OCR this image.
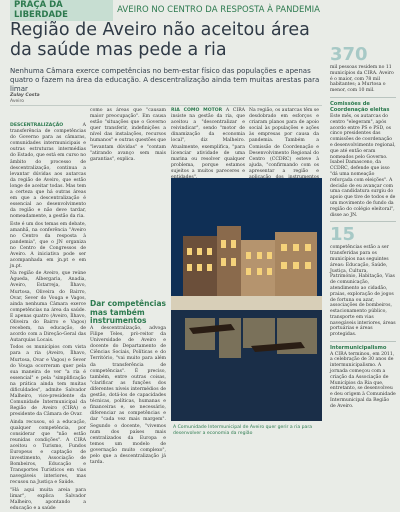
PRAÇA DA LIBERDADE	AVEIRO NO CENTRO DA RESPOSTA À PANDEMIA
Região de Aveiro não aceitou área da saúde mas pede a ria
Nenhuma Câmara exerce competências no bem-estar físico das populações e apenas quatro o fazem na área da educação. A descentralização ainda tem muitas arestas para limar
Zulay Costa
Aveiro

DESCENTRALIZAÇÃO	A transferência de competências do Governo para as câmaras, comunidades intermunicipais e outras estruturas intermédias do Estado, que está em curso no âmbito do processo de descentralização, continua a levantar dúvidas aos autarcas da região de Aveiro, que estão longe de aceitar todas. Mas tem a certeza que há outras áreas em que a descentralização é essencial ao desenvolvimento da região e não deve tardar, nomeadamente, a gestão da ria.

Este é um dos temas em debate, amanhã, na conferência "Aveiro no Centro da resposta à pandemia", que o JN organiza no Centro de Congressos de Aveiro. A iniciativa pode ser acompanhada em jn.pt e em jn.pt.

Na região de Aveiro, que reúne Águeda, Albergaria, Anadia, Aveiro, Estarreja, Ílhavo, Murtosa, Oliveira do Bairro, Ovar, Sever do Vouga e Vagos, ainda nenhuma Câmara exerce competências na área da saúde. E apenas quatro (Aveiro, Ílhavo, Oliveira do Bairro e Vagos) recebem, na educação, de acordo com a Direção-Geral das Autarquias Locais.

Todos os municípios com vista para a ria (Aveiro, Ílhavo, Murtosa, Ovar e Vagos) e Sever do Vouga ocorreram quer pela sua maneira de ver "a ria é essencial" e pela "simplificação na prática ainda tem muitas dificuldades", admite Salvador Malheiro, vice-presidente da Comunidade Intermunicipal da Região de Aveiro (CIRA) e presidente da Câmara de Ovar.

Ainda recusou, só a educação, qualquer competência, por considerar que "não estão reunidas condições". A CIRA aceitou o Turismo, Fundos Europeus e captação de investimento, Associação de Bombeiros, Educação e Transportes Turísticos em vias navegáveis interiores, mas recusou na Justiça e Saúde.

"Há aqui muita areia para limar", explica Salvador Malheiro, apontando a educação e a saúde

como as áreas que "causam maior preocupação". Em causa estão "situações que o Governo quer transferir, indefinições a nível das instalações, recursos humanos" e outras questões que "levantam dúvidas" e "contam "atirando avanço sem mais garantias", explica.

RIA COMO MOTOR A CIRA insiste na gestão da ria, que aceitou a "descentralizar e reivindicar", sendo "motor de dinamização da economia local", diz Malheiro. Atualmente, exemplifica, "para licenciar atividade de uma marina ou resolver qualquer problema, porque estamos sujeitos a muitos pareceres e

Na região, os autarcas têm se desdobrado em esforços e criaram planos para de apoio social às populações e ações às empresas por causa da pandemia. Também a Comissão de Coordenação e Desenvolvimento Regional do Centro (CCDRC) esteve à ajuda, "confirmando com os apresentar a região e

A Comunidade Intermunicipal de Aveiro quer gerir a ria para desenvolver a economia da região
Dar competências mas também instrumentos

A descentralização, advoga Filipe Teles, prò-reitor da Universidade de Aveiro e docente do Departamento de Ciências Sociais, Políticas e do Território, "vai muito para além da transferência de competências". É preciso, também, entre outras coisas, "clarificar as funções dos diferentes níveis intermédios de gestão, dotá-los de capacidades técnicas, políticas, humanas e financeiras e, se necessário, diferenciar as competências e dar "cada vez mais margem". Segundo o docente, "vivemos num dos países mais centralizados da Europa e temos um modelo de governação muito complexo", pelo que a descentralização já tarda.

370
mil pessoas residem no 11 municípios da CIRA. Aveiro é o maior, com 78 mil habitantes; a Murtosa o menor, com 10 mil.
Comissões de Coordenação eleitas
Este mês, os autarcas do centro "elegeram", após acordo entre PS e PSD, os cinco presidentes das comissões de coordenação e desenvolvimento regional, que até então eram nomeados pelo Governo. Isabel Damasceno, da CCDRC, defende que isso "dá uma nomeação reforçada com eleições". A decisão de eu avançar com uma candidatura surgiu do apoio que tive de todos e de um movimento de fundo da região do colégio eleitoral", disse ao JN.
15
competências estão a ser transferidas para os municípios nas seguintes áreas: Educação, Saúde, Justiça, Cultura, Património, Habitação, Vias de comunicação, atendimento ao cidadão, praias, exploração de jogos de fortuna ou azar, associações de bombeiros, estacionamento público, transporte em vias navegáveis interiores, áreas portuárias e áreas protegidas.
Intermunicipalismo
A CIRA terminou, em 2011, a celebração de 30 anos de intermunicipalismo. A jornada começou com a criação da Associação de Municípios da Ria que, entretanto, se desenvolveu e deu origem à Comunidade Intermunicipal da Região de Aveiro.
